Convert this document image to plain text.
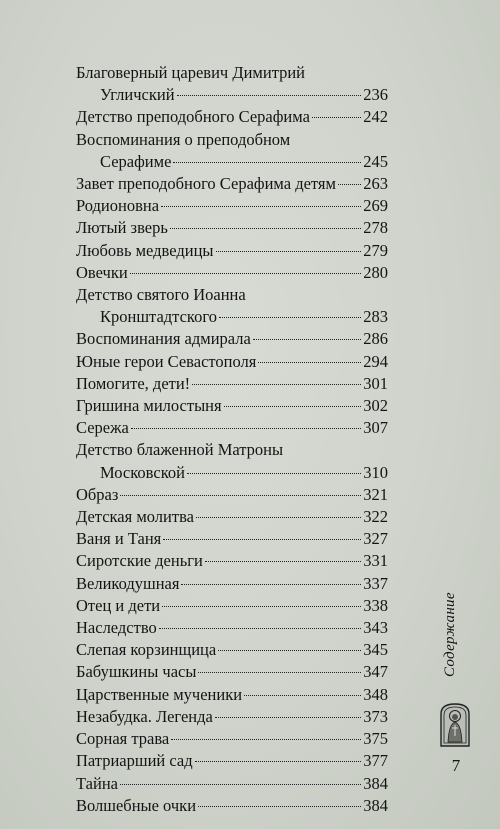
Благоверный царевич Димитрий
Угличский	236
Детство преподобного Серафима	242
Воспоминания о преподобном
Серафиме	245
Завет преподобного Серафима детям 263
Родионовна	269
Лютый зверь	278
Любовь медведицы	279
Овечки	280
Детство святого Иоанна
Кронштадтского	283
Воспоминания адмирала	286
Юные герои Севастополя	294
Помогите, дети!	301
Гришина милостыня	302
Сережа	307
Детство блаженной Матроны
Московской	310
Образ	321
Детская молитва	322
Ваня и Таня	327
Сиротские деньги	331
Великодушная	337
Отец и дети	338
Наследство	343
Слепая корзинщица	345
Бабушкины часы	347
Царственные мученики	348
Незабудка. Легенда	373
Сорная трава	375
Патриарший сад	377
Тайна	384
Волшебные очки	384
Содержание
7
